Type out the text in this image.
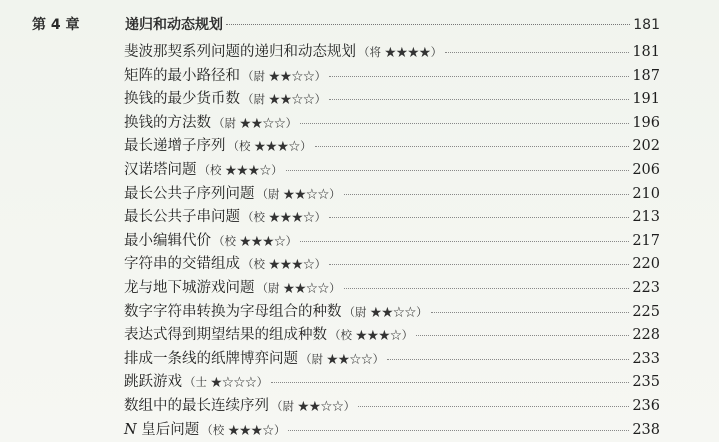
第 4 章	递归和动态规划	181
斐波那契系列问题的递归和动态规划 （将 ★★★★）	181
矩阵的最小路径和 （尉 ★★☆☆）	187
换钱的最少货币数 （尉 ★★☆☆）	191
换钱的方法数 （尉 ★★☆☆）	196
最长递增子序列 （校 ★★★☆）	202
汉诺塔问题 （校 ★★★☆）	206
最长公共子序列问题 （尉 ★★☆☆）	210
最长公共子串问题 （校 ★★★☆）	213
最小编辑代价 （校 ★★★☆）	217
字符串的交错组成 （校 ★★★☆）	220
龙与地下城游戏问题 （尉 ★★☆☆）	223
数字字符串转换为字母组合的种数 （尉 ★★☆☆）	225
表达式得到期望结果的组成种数 （校 ★★★☆）	228
排成一条线的纸牌博弈问题 （尉 ★★☆☆）	233
跳跃游戏 （士 ★☆☆☆）	235
数组中的最长连续序列 （尉 ★★☆☆）	236
N 皇后问题 （校 ★★★☆）	238
